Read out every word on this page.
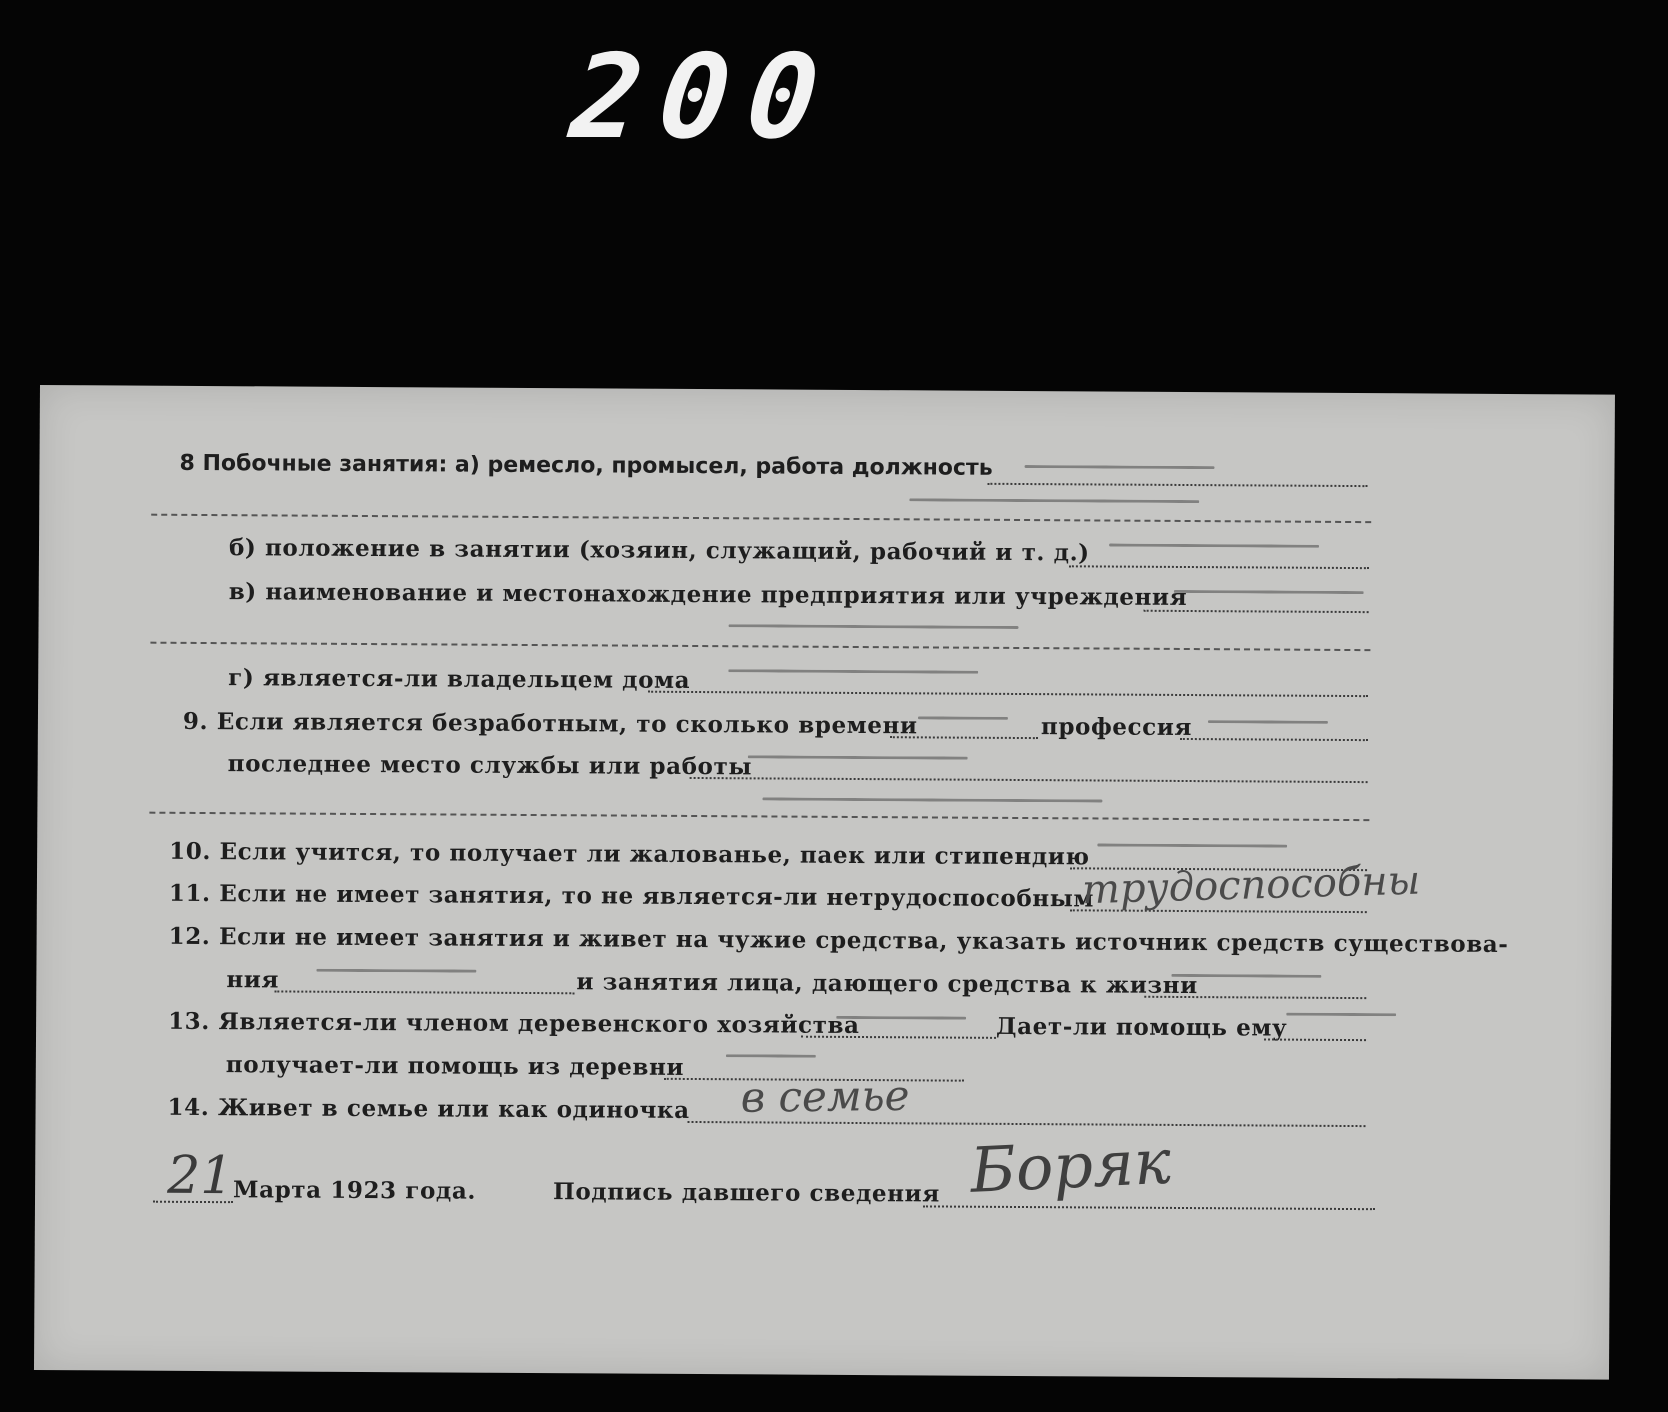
200
8 Побочные занятия: а) ремесло, промысел, работа должность
б) положение в занятии (хозяин, служащий, рабочий и т. д.)
в) наименование и местонахождение предприятия или учреждения
г) является-ли владельцем дома
9. Если является безработным, то сколько времени	профессия
последнее место службы или работы
10. Если учится, то получает ли жалованье, паек или стипендию
11. Если не имеет занятия, то не является-ли нетрудоспособным
трудоспособны
12. Если не имеет занятия и живет на чужие средства, указать источник средств существова-
ния	и занятия лица, дающего средства к жизни
13. Является-ли членом деревенского хозяйства	Дает-ли помощь ему
получает-ли помощь из деревни
14. Живет в семье или как одиночка в семье
21 Марта 1923 года.	Подпись давшего сведения Боряк
